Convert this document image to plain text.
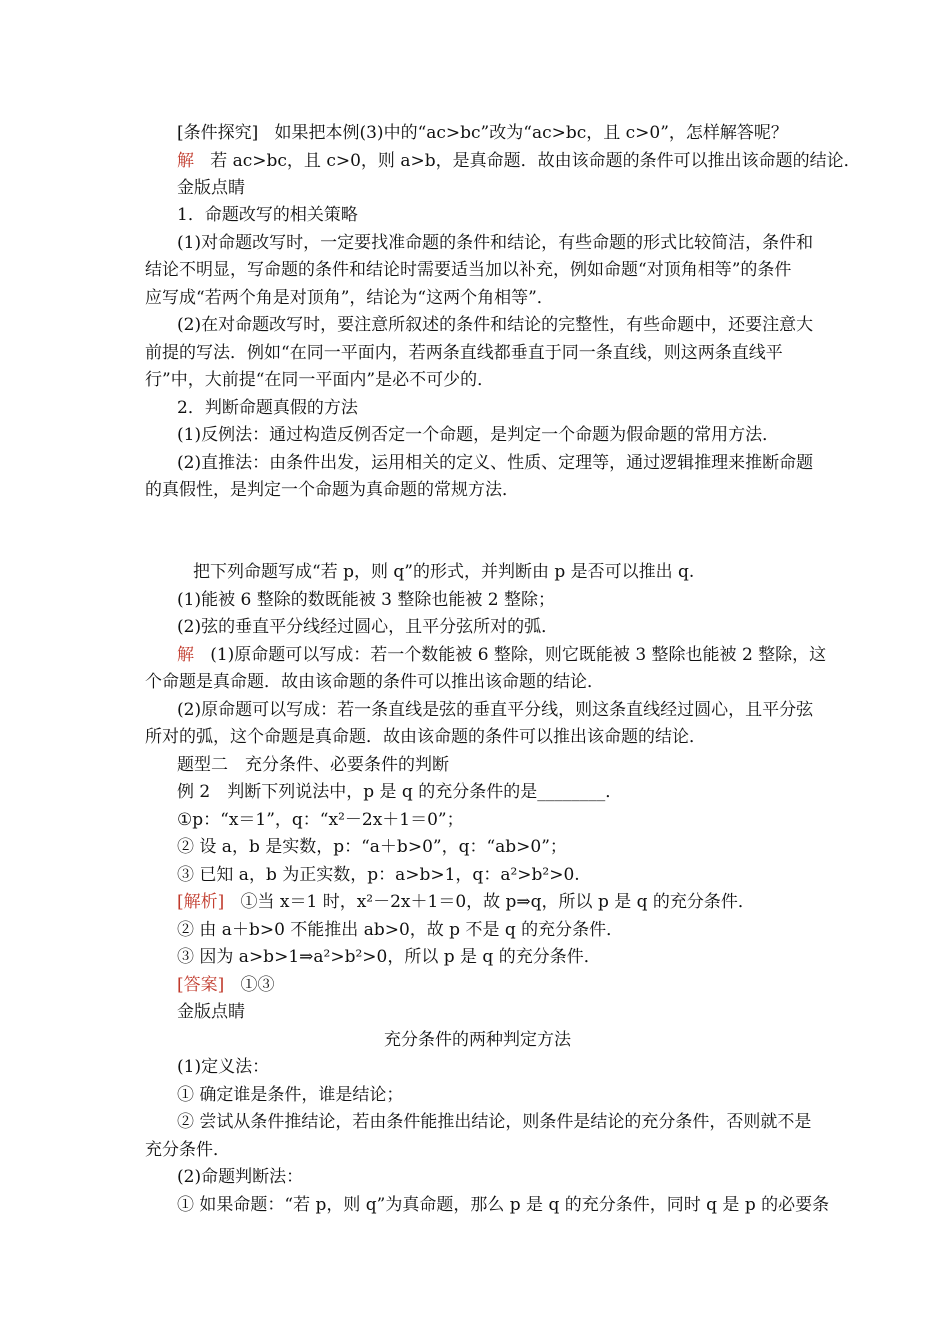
[条件探究] 如果把本例(3)中的“ac>bc”改为“ac>bc，且 c>0”，怎样解答呢？
解 若 ac>bc，且 c>0，则 a>b，是真命题．故由该命题的条件可以推出该命题的结论．
金版点睛
1．命题改写的相关策略
(1)对命题改写时，一定要找准命题的条件和结论，有些命题的形式比较简洁，条件和
结论不明显，写命题的条件和结论时需要适当加以补充，例如命题“对顶角相等”的条件
应写成“若两个角是对顶角”，结论为“这两个角相等”．
(2)在对命题改写时，要注意所叙述的条件和结论的完整性，有些命题中，还要注意大
前提的写法．例如“在同一平面内，若两条直线都垂直于同一条直线，则这两条直线平
行”中，大前提“在同一平面内”是必不可少的．
2．判断命题真假的方法
(1)反例法：通过构造反例否定一个命题，是判定一个命题为假命题的常用方法．
(2)直推法：由条件出发，运用相关的定义、性质、定理等，通过逻辑推理来推断命题
的真假性，是判定一个命题为真命题的常规方法．
把下列命题写成“若 p，则 q”的形式，并判断由 p 是否可以推出 q.
(1)能被 6 整除的数既能被 3 整除也能被 2 整除；
(2)弦的垂直平分线经过圆心，且平分弦所对的弧．
解 (1)原命题可以写成：若一个数能被 6 整除，则它既能被 3 整除也能被 2 整除，这
个命题是真命题．故由该命题的条件可以推出该命题的结论．
(2)原命题可以写成：若一条直线是弦的垂直平分线，则这条直线经过圆心，且平分弦
所对的弧，这个命题是真命题．故由该命题的条件可以推出该命题的结论．
题型二　充分条件、必要条件的判断
例 2　判断下列说法中，p 是 q 的充分条件的是________．
①p：“x＝1”，q：“x²－2x＋1＝0”；
② 设 a，b 是实数，p：“a＋b>0”，q：“ab>0”；
③ 已知 a，b 为正实数，p：a>b>1，q：a²>b²>0.
[解析] ①当 x＝1 时，x²－2x＋1＝0，故 p⇒q，所以 p 是 q 的充分条件．
② 由 a＋b>0 不能推出 ab>0，故 p 不是 q 的充分条件．
③ 因为 a>b>1⇒a²>b²>0，所以 p 是 q 的充分条件．
[答案] ①③
金版点睛
充分条件的两种判定方法
(1)定义法：
① 确定谁是条件，谁是结论；
② 尝试从条件推结论，若由条件能推出结论，则条件是结论的充分条件，否则就不是
充分条件．
(2)命题判断法：
① 如果命题：“若 p，则 q”为真命题，那么 p 是 q 的充分条件，同时 q 是 p 的必要条
